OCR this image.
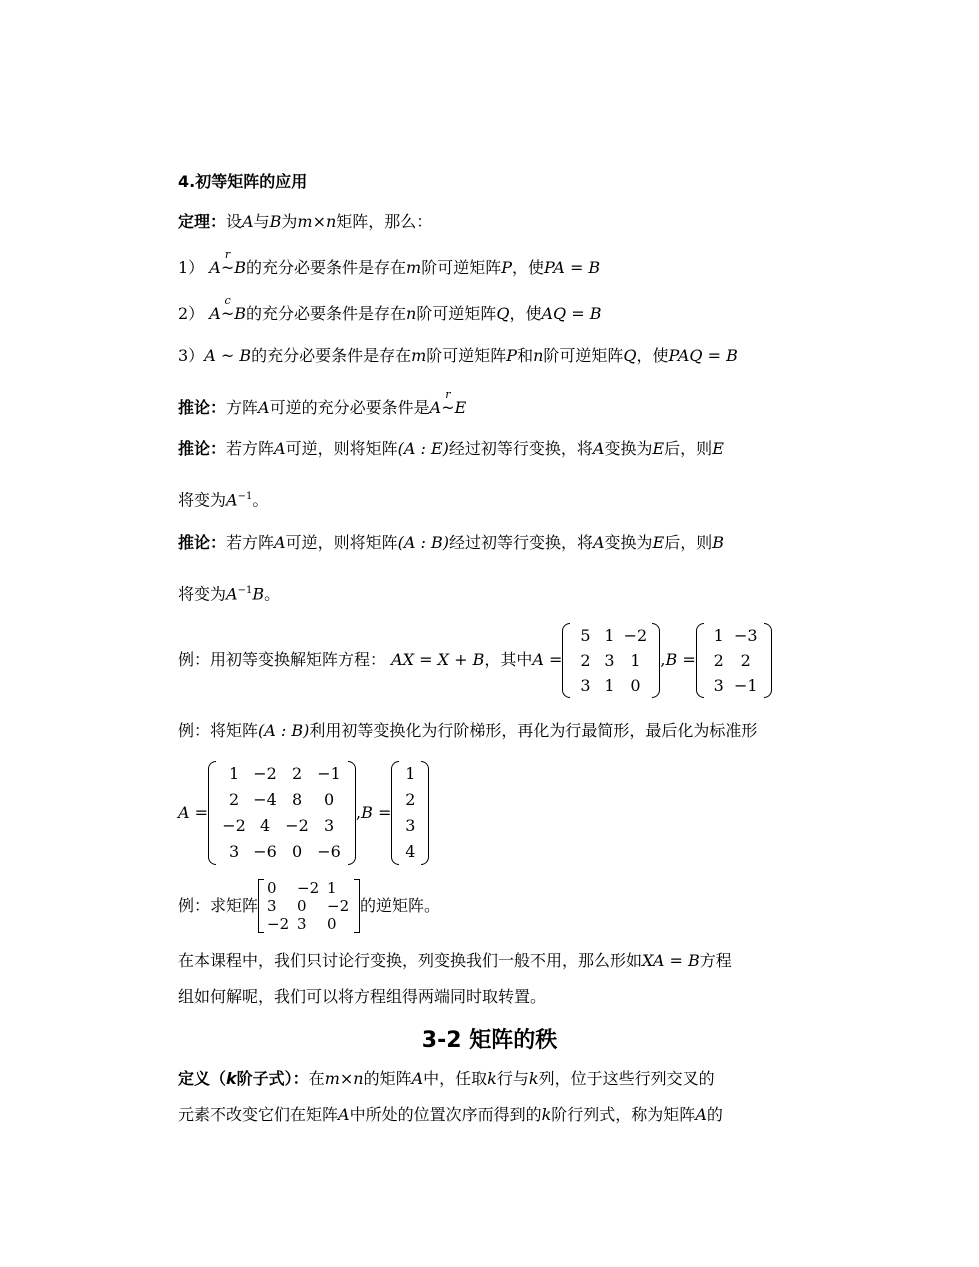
4.初等矩阵的应用
定理：设A与B为m×n矩阵，那么：
1） A~
r
B的充分必要条件是存在m阶可逆矩阵P，使PA = B
2） A~
c
B的充分必要条件是存在n阶可逆矩阵Q，使AQ = B
3）A ~ B的充分必要条件是存在m阶可逆矩阵P和n阶可逆矩阵Q，使PAQ = B
推论：方阵A可逆的充分必要条件是A~
r
E
推论：若方阵A可逆，则将矩阵(A : E)经过初等行变换，将A变换为E后，则E
将变为$A^{-1}$。
推论：若方阵A可逆，则将矩阵(A : B)经过初等行变换，将A变换为E后，则B
将变为$A^{-1}B$。
例：用初等变换解矩阵方程：
AX = X + B ，其中 A =
5 1 −2
2 3 1
3 1 0
, B =
1 −3
2	2
3 −1
例：将矩阵(A : B)利用初等变换化为行阶梯形，再化为行最简形，最后化为标准形
A =
1 −2 2 −1
2 −4 8	0
−2 4 −2 3
3 −6 0 −6
, B =
1
2
3
4
例：求矩阵
0	−2 1
3	0	−2
−2 3	0
的逆矩阵。
在本课程中，我们只讨论行变换，列变换我们一般不用，那么形如XA = B方程
组如何解呢，我们可以将方程组得两端同时取转置。
3-2 矩阵的秩
定义（k阶子式）：在m×n的矩阵A中，任取k行与k列，位于这些行列交叉的
元素不改变它们在矩阵A中所处的位置次序而得到的k阶行列式，称为矩阵A的
